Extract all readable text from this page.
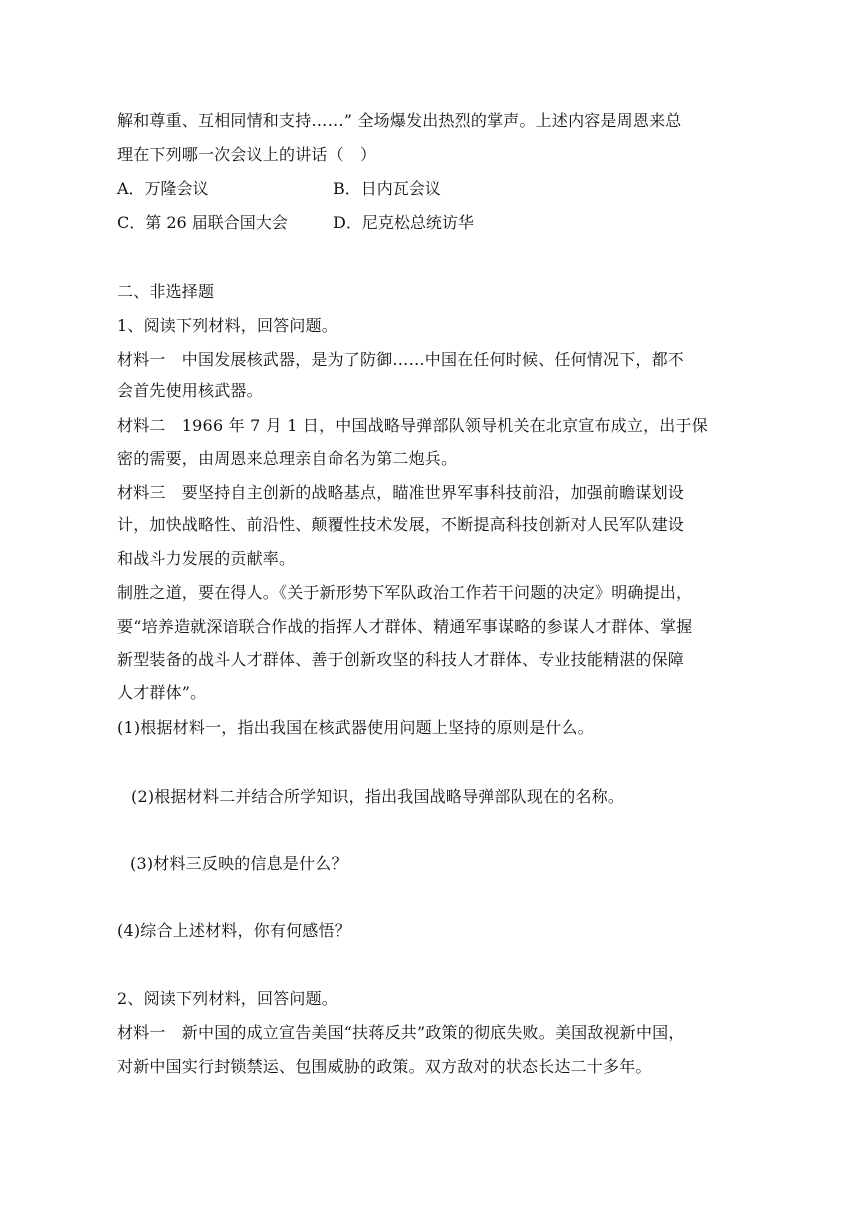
解和尊重、互相同情和支持……” 全场爆发出热烈的掌声。上述内容是周恩来总
理在下列哪一次会议上的讲话（　）
A．万隆会议	B．日内瓦会议
C．第 26 届联合国大会	D．尼克松总统访华
二、非选择题
1、阅读下列材料，回答问题。
材料一　中国发展核武器，是为了防御……中国在任何时候、任何情况下，都不
会首先使用核武器。
材料二　1966 年 7 月 1 日，中国战略导弹部队领导机关在北京宣布成立，出于保
密的需要，由周恩来总理亲自命名为第二炮兵。
材料三　要坚持自主创新的战略基点，瞄准世界军事科技前沿，加强前瞻谋划设
计，加快战略性、前沿性、颠覆性技术发展，不断提高科技创新对人民军队建设
和战斗力发展的贡献率。
制胜之道，要在得人。《关于新形势下军队政治工作若干问题的决定》明确提出，
要“培养造就深谙联合作战的指挥人才群体、精通军事谋略的参谋人才群体、掌握
新型装备的战斗人才群体、善于创新攻坚的科技人才群体、专业技能精湛的保障
人才群体”。
(1)根据材料一，指出我国在核武器使用问题上坚持的原则是什么。
(2)根据材料二并结合所学知识，指出我国战略导弹部队现在的名称。
(3)材料三反映的信息是什么？
(4)综合上述材料，你有何感悟？
2、阅读下列材料，回答问题。
材料一　新中国的成立宣告美国“扶蒋反共”政策的彻底失败。美国敌视新中国，
对新中国实行封锁禁运、包围威胁的政策。双方敌对的状态长达二十多年。
